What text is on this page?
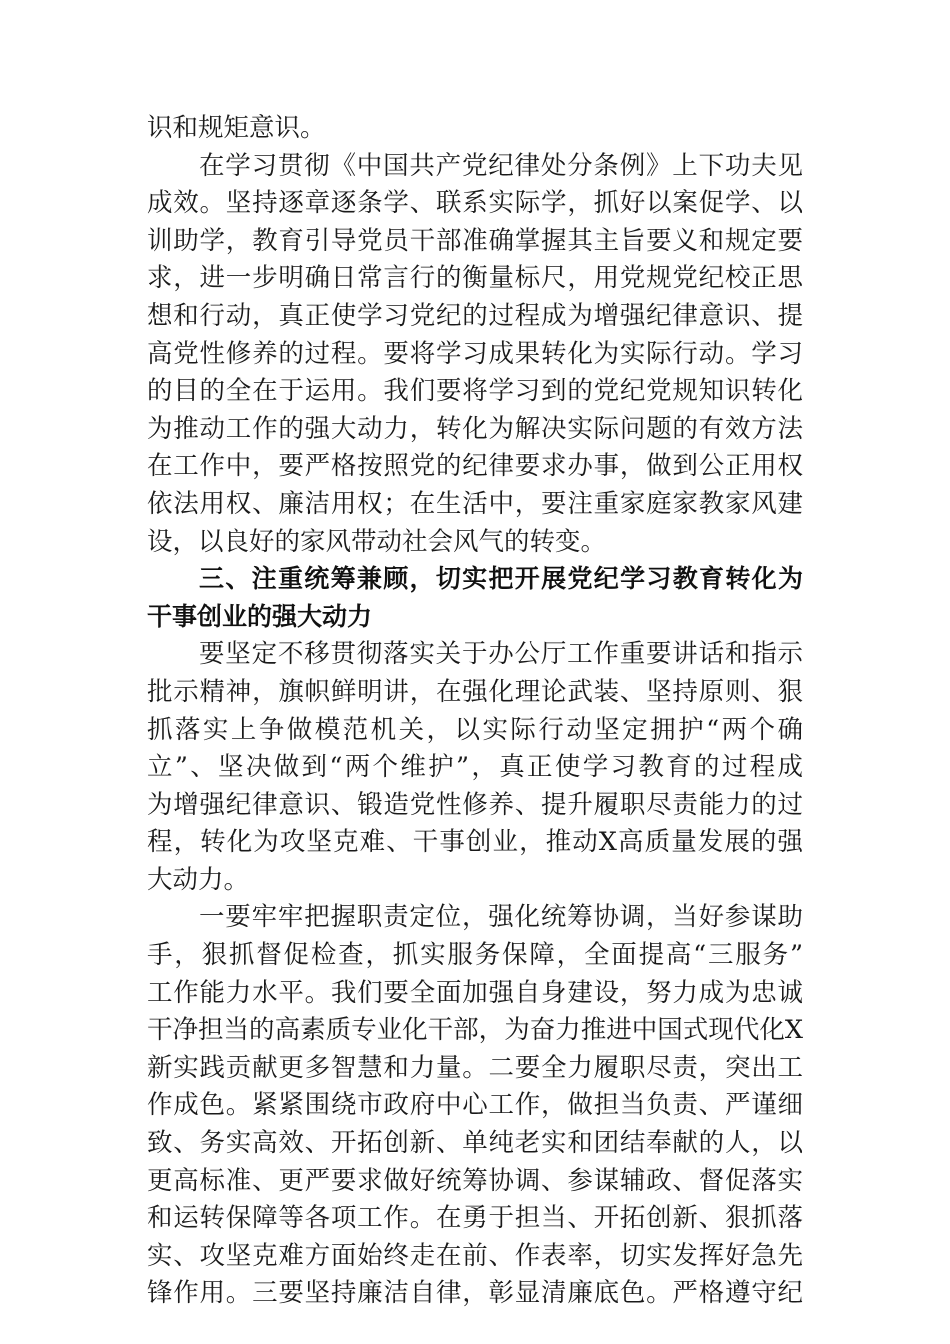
识和规矩意识。
在学习贯彻《中国共产党纪律处分条例》上下功夫见
成效。坚持逐章逐条学、联系实际学，抓好以案促学、以
训助学，教育引导党员干部准确掌握其主旨要义和规定要
求，进一步明确日常言行的衡量标尺，用党规党纪校正思
想和行动，真正使学习党纪的过程成为增强纪律意识、提
高党性修养的过程。要将学习成果转化为实际行动。学习
的目的全在于运用。我们要将学习到的党纪党规知识转化
为推动工作的强大动力，转化为解决实际问题的有效方法
在工作中，要严格按照党的纪律要求办事，做到公正用权
依法用权、廉洁用权；在生活中，要注重家庭家教家风建
设，以良好的家风带动社会风气的转变。
三、注重统筹兼顾，切实把开展党纪学习教育转化为
干事创业的强大动力
要坚定不移贯彻落实关于办公厅工作重要讲话和指示
批示精神，旗帜鲜明讲，在强化理论武装、坚持原则、狠
抓落实上争做模范机关，以实际行动坚定拥护“两个确
立”、坚决做到“两个维护”，真正使学习教育的过程成
为增强纪律意识、锻造党性修养、提升履职尽责能力的过
程，转化为攻坚克难、干事创业，推动X高质量发展的强
大动力。
一要牢牢把握职责定位，强化统筹协调，当好参谋助
手，狠抓督促检查，抓实服务保障，全面提高“三服务”
工作能力水平。我们要全面加强自身建设，努力成为忠诚
干净担当的高素质专业化干部，为奋力推进中国式现代化X
新实践贡献更多智慧和力量。二要全力履职尽责，突出工
作成色。紧紧围绕市政府中心工作，做担当负责、严谨细
致、务实高效、开拓创新、单纯老实和团结奉献的人，以
更高标准、更严要求做好统筹协调、参谋辅政、督促落实
和运转保障等各项工作。在勇于担当、开拓创新、狠抓落
实、攻坚克难方面始终走在前、作表率，切实发挥好急先
锋作用。三要坚持廉洁自律，彰显清廉底色。严格遵守纪
